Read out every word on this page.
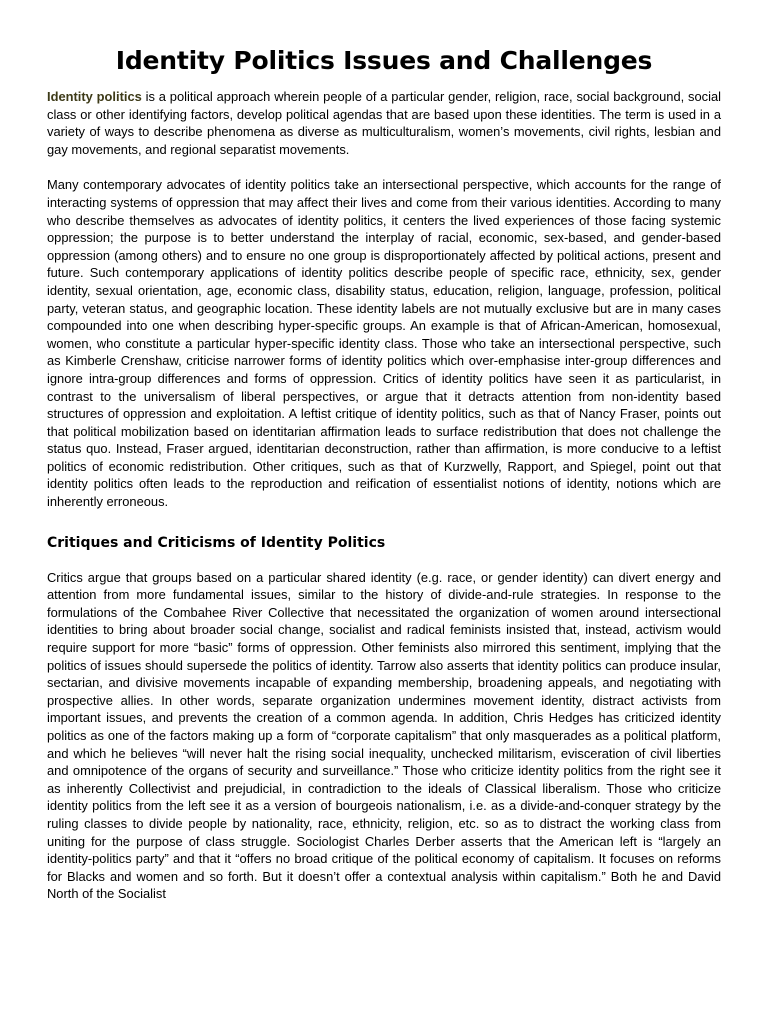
Identity Politics Issues and Challenges

Identity politics is a political approach wherein people of a particular gender, religion, race, social background, social class or other identifying factors, develop political agendas that are based upon these identities. The term is used in a variety of ways to describe phenomena as diverse as multiculturalism, women’s movements, civil rights, lesbian and gay movements, and regional separatist movements.

Many contemporary advocates of identity politics take an intersectional perspective, which accounts for the range of interacting systems of oppression that may affect their lives and come from their various identities. According to many who describe themselves as advocates of identity politics, it centers the lived experiences of those facing systemic oppression; the purpose is to better understand the interplay of racial, economic, sex-based, and gender-based oppression (among others) and to ensure no one group is disproportionately affected by political actions, present and future. Such contemporary applications of identity politics describe people of specific race, ethnicity, sex, gender identity, sexual orientation, age, economic class, disability status, education, religion, language, profession, political party, veteran status, and geographic location. These identity labels are not mutually exclusive but are in many cases compounded into one when describing hyper-specific groups. An example is that of African-American, homosexual, women, who constitute a particular hyper-specific identity class. Those who take an intersectional perspective, such as Kimberle Crenshaw, criticise narrower forms of identity politics which over-emphasise inter-group differences and ignore intra-group differences and forms of oppression. Critics of identity politics have seen it as particularist, in contrast to the universalism of liberal perspectives, or argue that it detracts attention from non-identity based structures of oppression and exploitation. A leftist critique of identity politics, such as that of Nancy Fraser, points out that political mobilization based on identitarian affirmation leads to surface redistribution that does not challenge the status quo. Instead, Fraser argued, identitarian deconstruction, rather than affirmation, is more conducive to a leftist politics of economic redistribution. Other critiques, such as that of Kurzwelly, Rapport, and Spiegel, point out that identity politics often leads to the reproduction and reification of essentialist notions of identity, notions which are inherently erroneous.

Critiques and Criticisms of Identity Politics

Critics argue that groups based on a particular shared identity (e.g. race, or gender identity) can divert energy and attention from more fundamental issues, similar to the history of divide-and-rule strategies. In response to the formulations of the Combahee River Collective that necessitated the organization of women around intersectional identities to bring about broader social change, socialist and radical feminists insisted that, instead, activism would require support for more “basic” forms of oppression. Other feminists also mirrored this sentiment, implying that the politics of issues should supersede the politics of identity. Tarrow also asserts that identity politics can produce insular, sectarian, and divisive movements incapable of expanding membership, broadening appeals, and negotiating with prospective allies. In other words, separate organization undermines movement identity, distract activists from important issues, and prevents the creation of a common agenda. In addition, Chris Hedges has criticized identity politics as one of the factors making up a form of “corporate capitalism” that only masquerades as a political platform, and which he believes “will never halt the rising social inequality, unchecked militarism, evisceration of civil liberties and omnipotence of the organs of security and surveillance.” Those who criticize identity politics from the right see it as inherently Collectivist and prejudicial, in contradiction to the ideals of Classical liberalism. Those who criticize identity politics from the left see it as a version of bourgeois nationalism, i.e. as a divide-and-conquer strategy by the ruling classes to divide people by nationality, race, ethnicity, religion, etc. so as to distract the working class from uniting for the purpose of class struggle. Sociologist Charles Derber asserts that the American left is “largely an identity-politics party” and that it “offers no broad critique of the political economy of capitalism. It focuses on reforms for Blacks and women and so forth. But it doesn’t offer a contextual analysis within capitalism.” Both he and David North of the Socialist
